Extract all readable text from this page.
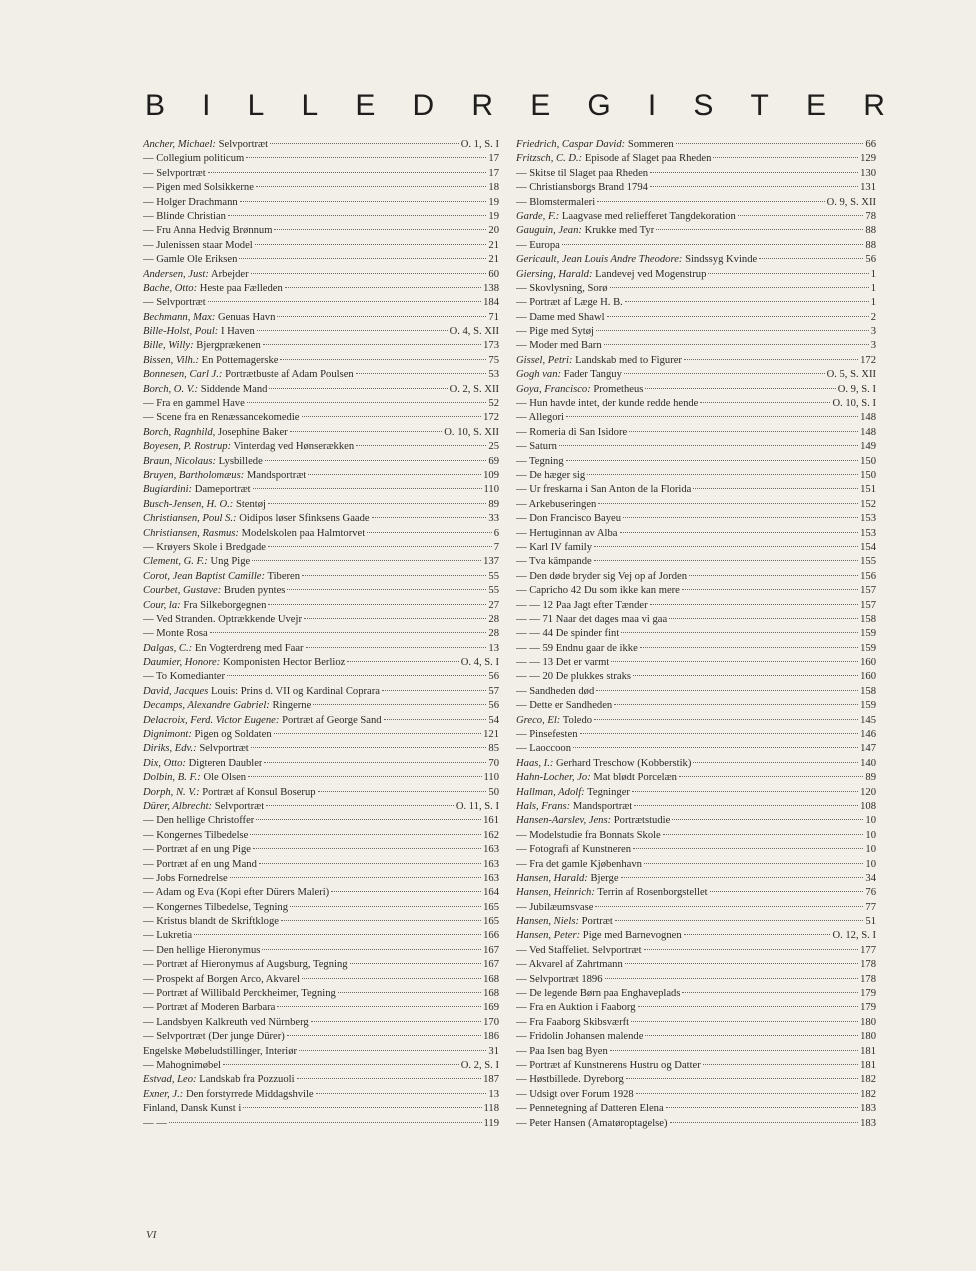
B I L L E D R E G I S T E R
Ancher, Michael: Selvportræt	O. 1, S. I
— Collegium politicum	17
— Selvportræt	17
— Pigen med Solsikkerne	18
— Holger Drachmann	19
— Blinde Christian	19
— Fru Anna Hedvig Brønnum	20
— Julenissen staar Model	21
— Gamle Ole Eriksen	21
Andersen, Just: Arbejder	60
Bache, Otto: Heste paa Fælleden	138
— Selvportræt	184
Bechmann, Max: Genuas Havn	71
Bille-Holst, Poul: I Haven	O. 4, S. XII
Bille, Willy: Bjergprækenen	173
Bissen, Vilh.: En Pottemagerske	75
Bonnesen, Carl J.: Portrætbuste af Adam Poulsen	53
Borch, O. V.: Siddende Mand	O. 2, S. XII
— Fra en gammel Have	52
— Scene fra en Renæssancekomedie	172
Borch, Ragnhild, Josephine Baker	O. 10, S. XII
Boyesen, P. Rostrup: Vinterdag ved Hønserækken	25
Braun, Nicolaus: Lysbillede	69
Bruyen, Bartholomæus: Mandsportræt	109
Bugiardini: Dameportræt	110
Busch-Jensen, H. O.: Stentøj	89
Christiansen, Poul S.: Oidipos løser Sfinksens Gaade	33
Christiansen, Rasmus: Modelskolen paa Halmtorvet	6
— Krøyers Skole i Bredgade	7
Clement, G. F.: Ung Pige	137
Corot, Jean Baptist Camille: Tiberen	55
Courbet, Gustave: Bruden pyntes	55
Cour, la: Fra Silkeborgegnen	27
— Ved Stranden. Optrækkende Uvejr	28
— Monte Rosa	28
Dalgas, C.: En Vogterdreng med Faar	13
Daumier, Honore: Komponisten Hector Berlioz	O. 4, S. I
— To Komedianter	56
David, Jacques Louis: Prins d. VII og Kardinal Coprara	57
Decamps, Alexandre Gabriel: Ringerne	56
Delacroix, Ferd. Victor Eugene: Portræt af George Sand	54
Dignimont: Pigen og Soldaten	121
Diriks, Edv.: Selvportræt	85
Dix, Otto: Digteren Daubler	70
Dolbin, B. F.: Ole Olsen	110
Dorph, N. V.: Portræt af Konsul Boserup	50
Dürer, Albrecht: Selvportræt	O. 11, S. I
— Den hellige Christoffer	161
— Kongernes Tilbedelse	162
— Portræt af en ung Pige	163
— Portræt af en ung Mand	163
— Jobs Fornedrelse	163
— Adam og Eva (Kopi efter Dürers Maleri)	164
— Kongernes Tilbedelse, Tegning	165
— Kristus blandt de Skriftkloge	165
— Lukretia	166
— Den hellige Hieronymus	167
— Portræt af Hieronymus af Augsburg, Tegning	167
— Prospekt af Borgen Arco, Akvarel	168
— Portræt af Willibald Perckheimer, Tegning	168
— Portræt af Moderen Barbara	169
— Landsbyen Kalkreuth ved Nürnberg	170
— Selvportræt (Der junge Dürer)	186
Engelske Møbeludstillinger, Interiør	31
— Mahognimøbel	O. 2, S. I
Estvad, Leo: Landskab fra Pozzuoli	187
Exner, J.: Den forstyrrede Middagshvile	13
Finland, Dansk Kunst i	118
— —	119
Friedrich, Caspar David: Sommeren	66
Fritzsch, C. D.: Episode af Slaget paa Rheden	129
— Skitse til Slaget paa Rheden	130
— Christiansborgs Brand 1794	131
— Blomstermaleri	O. 9, S. XII
Garde, F.: Laagvase med reliefferet Tangdekoration	78
Gauguin, Jean: Krukke med Tyr	88
— Europa	88
Gericault, Jean Louis Andre Theodore: Sindssyg Kvinde	56
Giersing, Harald: Landevej ved Mogenstrup	1
— Skovlysning, Sorø	1
— Portræt af Læge H. B.	1
— Dame med Shawl	2
— Pige med Sytøj	3
— Moder med Barn	3
Gissel, Petri: Landskab med to Figurer	172
Gogh van: Fader Tanguy	O. 5, S. XII
Goya, Francisco: Prometheus	O. 9, S. I
— Hun havde intet, der kunde redde hende	O. 10, S. I
— Allegori	148
— Romeria di San Isidore	148
— Saturn	149
— Tegning	150
— De hæger sig	150
— Ur freskarna i San Anton de la Florida	151
— Arkebuseringen	152
— Don Francisco Bayeu	153
— Hertuginnan av Alba	153
— Karl IV family	154
— Tva kämpande	155
— Den døde bryder sig Vej op af Jorden	156
— Capricho 42 Du som ikke kan mere	157
— — 12 Paa Jagt efter Tænder	157
— — 71 Naar det dages maa vi gaa	158
— — 44 De spinder fint	159
— — 59 Endnu gaar de ikke	159
— — 13 Det er varmt	160
— — 20 De plukkes straks	160
— Sandheden død	158
— Dette er Sandheden	159
Greco, El: Toledo	145
— Pinsefesten	146
— Laoccoon	147
Haas, I.: Gerhard Treschow (Kobberstik)	140
Hahn-Locher, Jo: Mat blødt Porcelæn	89
Hallman, Adolf: Tegninger	120
Hals, Frans: Mandsportræt	108
Hansen-Aarslev, Jens: Portrætstudie	10
— Modelstudie fra Bonnats Skole	10
— Fotografi af Kunstneren	10
— Fra det gamle Kjøbenhavn	10
Hansen, Harald: Bjerge	34
Hansen, Heinrich: Terrin af Rosenborgstellet	76
— Jubilæumsvase	77
Hansen, Niels: Portræt	51
Hansen, Peter: Pige med Barnevognen	O. 12, S. I
— Ved Staffeliet. Selvportræt	177
— Akvarel af Zahrtmann	178
— Selvportræt 1896	178
— De legende Børn paa Enghaveplads	179
— Fra en Auktion i Faaborg	179
— Fra Faaborg Skibsværft	180
— Fridolin Johansen malende	180
— Paa Isen bag Byen	181
— Portræt af Kunstnerens Hustru og Datter	181
— Høstbillede. Dyreborg	182
— Udsigt over Forum 1928	182
— Pennetegning af Datteren Elena	183
— Peter Hansen (Amatøroptagelse)	183
VI
